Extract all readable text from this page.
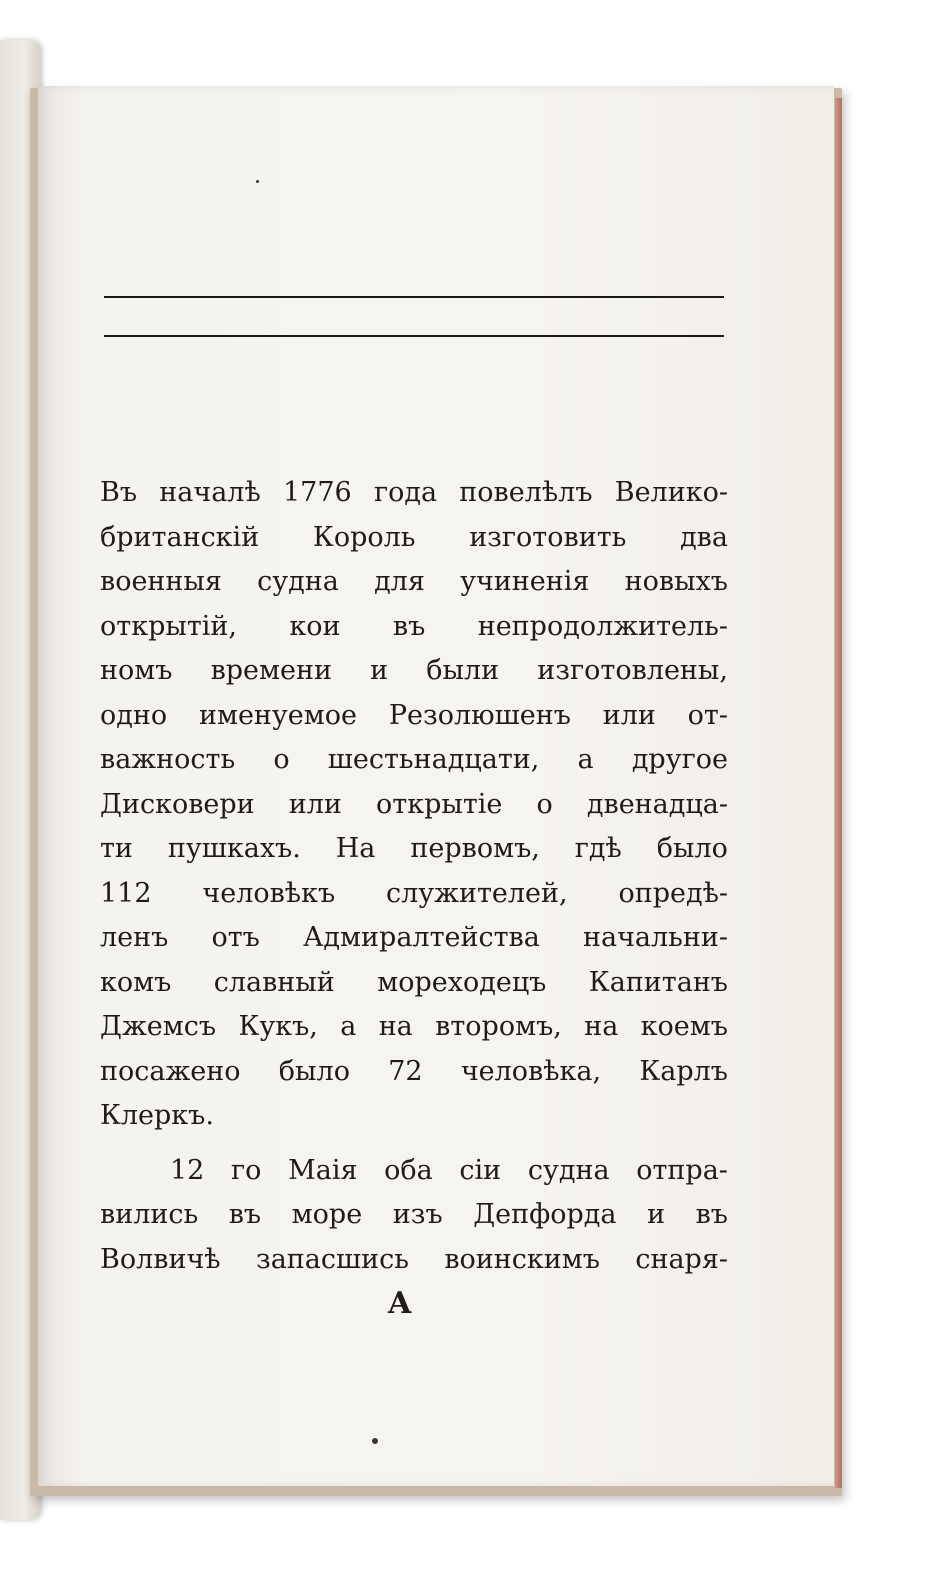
Въ началѣ 1776 года повелѣлъ Велико-
британскій Король изготовить два
военныя судна для учиненія новыхъ
открытій, кои въ непродолжитель-
номъ времени и были изготовлены,
одно именуемое Резолюшенъ или от-
важность о шестьнадцати, а другое
Дисковери или открытіе о двенадца-
ти пушкахъ. На первомъ, гдѣ было
112 человѣкъ служителей, опредѣ-
ленъ отъ Адмиралтейства начальни-
комъ славный мореходецъ Капитанъ
Джемсъ Кукъ, а на второмъ, на коемъ
посажено было 72 человѣка, Карлъ
Клеркъ.
12 го Маія оба сіи судна отпра-
вились въ море изъ Депфорда и въ
Волвичѣ запасшись воинскимъ снаря-
A
